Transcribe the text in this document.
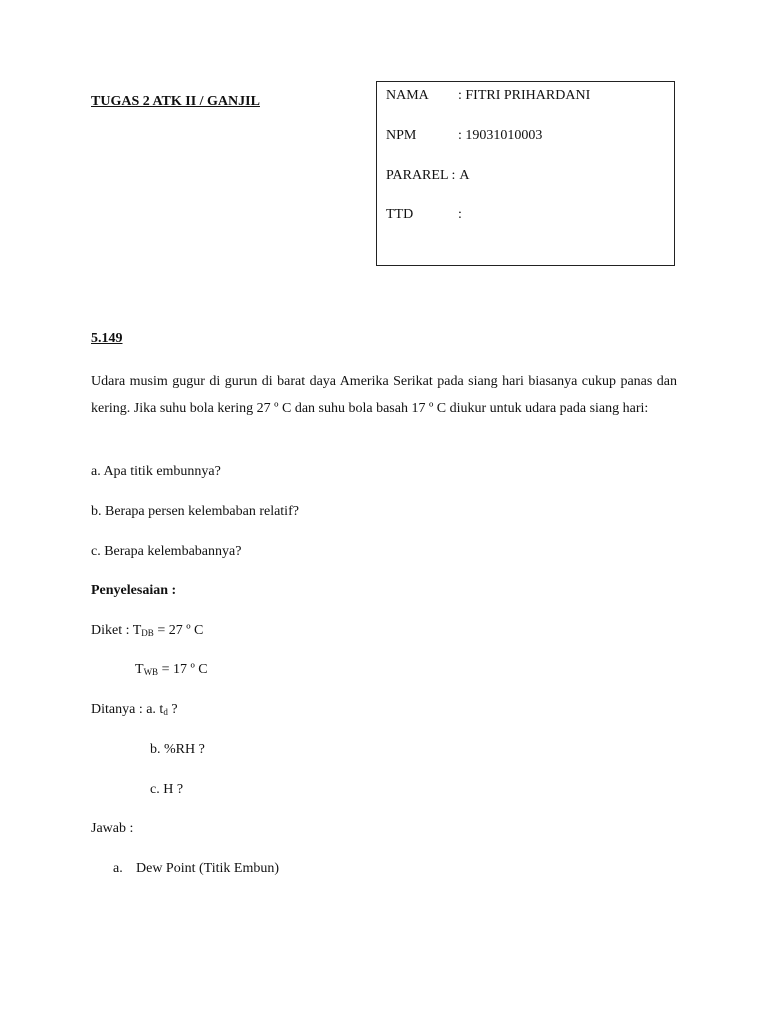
TUGAS 2 ATK II / GANJIL	NAMA : FITRI PRIHARDANI
NPM	: 19031010003
PARAREL : A
TTD	:
5.149
Udara musim gugur di gurun di barat daya Amerika Serikat pada siang hari biasanya cukup panas dan kering. Jika suhu bola kering 27 º C dan suhu bola basah 17 º C diukur untuk udara pada siang hari:
a. Apa titik embunnya?
b. Berapa persen kelembaban relatif?
c. Berapa kelembabannya?
Penyelesaian :
Diket : $T_{DB} = 27$ º C
$T_{WB} = 17$ º C
Ditanya : a. $t_d$ ?
b. %RH ?
c. H ?
Jawab :
a. Dew Point (Titik Embun)
